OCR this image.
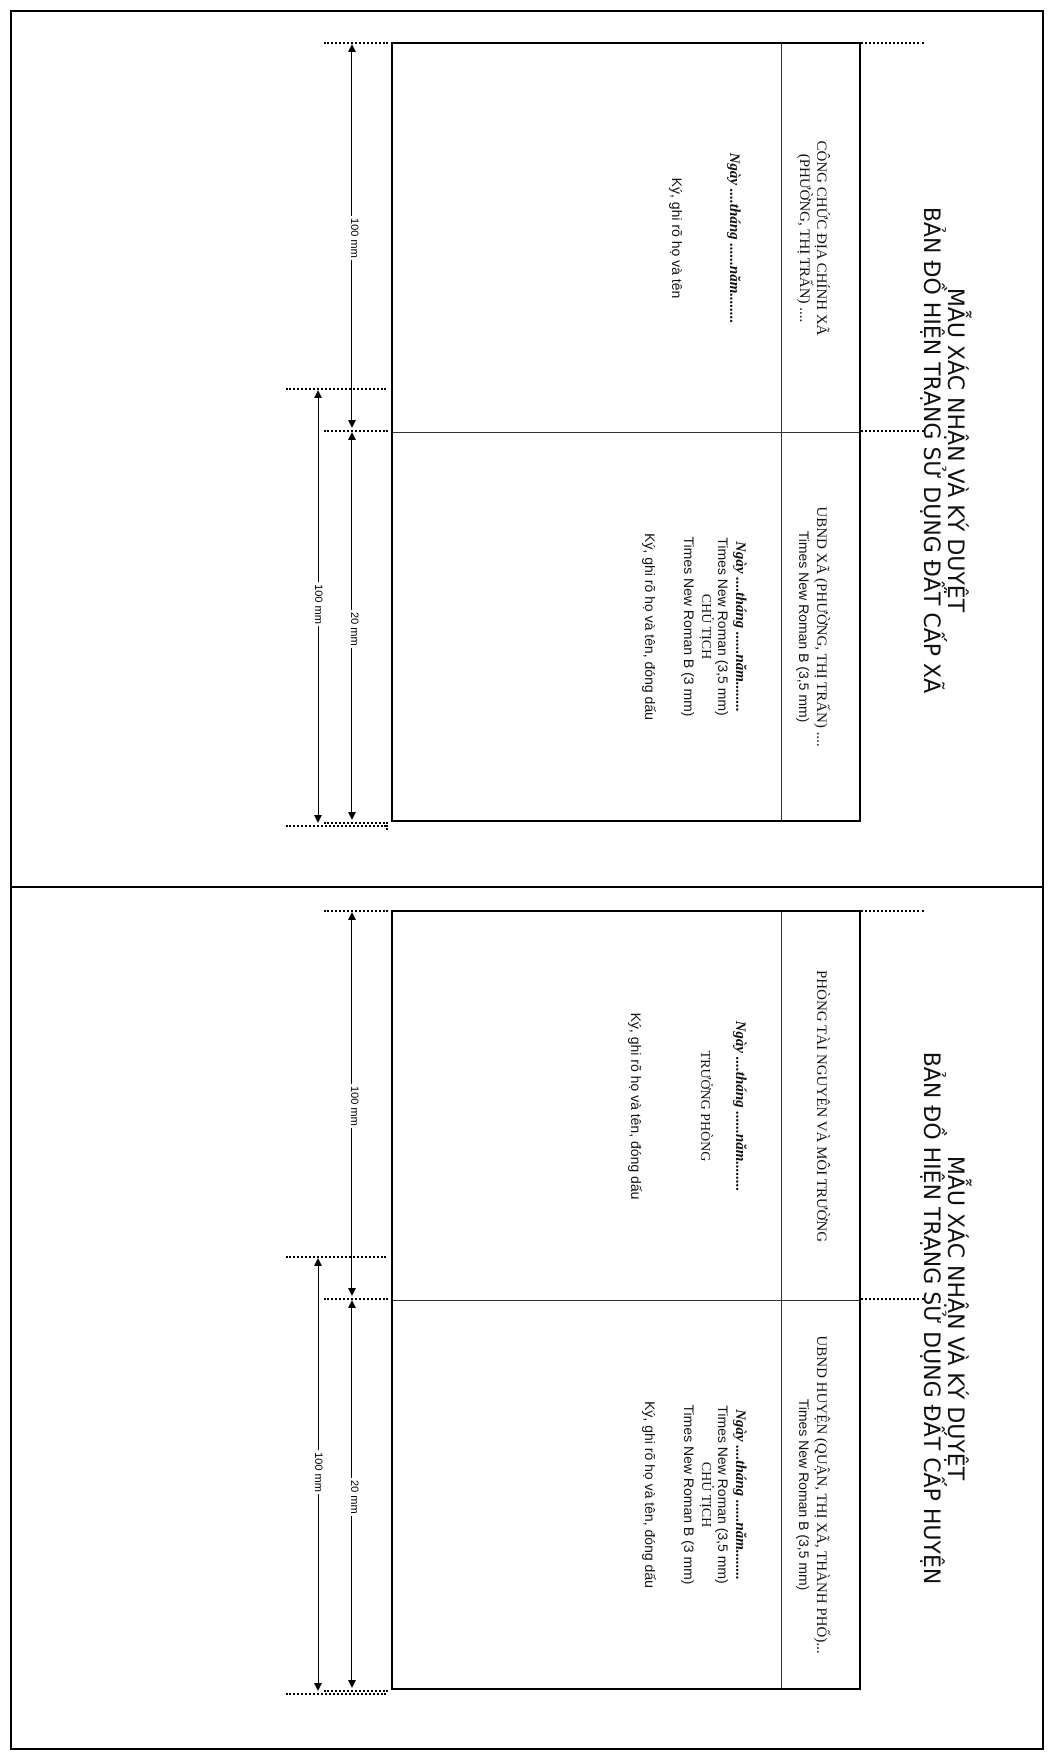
MẪU XÁC NHẬN VÀ KÝ DUYỆT
BẢN ĐỒ HIỆN TRẠNG SỬ DỤNG ĐẤT CẤP XÃ
CÔNG CHỨC ĐỊA CHÍNH XÃ
(PHƯỜNG, THỊ TRẤN) ....
Ngày ....tháng ......năm........
Ký, ghi rõ họ và tên
UBND XÃ (PHƯỜNG, THỊ TRẤN) ....
Times New Roman B (3,5 mm)
Ngày ....tháng ......năm........
Times New Roman (3,5 mm)
CHỦ TỊCH
Times New Roman B (3 mm)
Ký, ghi rõ họ và tên, đóng dấu
100 mm
20 mm
MẪU XÁC NHẬN VÀ KÝ DUYỆT
BẢN ĐỒ HIỆN TRẠNG SỬ DỤNG ĐẤT CẤP HUYỆN
PHÒNG TÀI NGUYÊN VÀ MÔI TRƯỜNG
Ngày ....tháng ......năm........
TRƯỞNG PHÒNG
Ký, ghi rõ họ và tên, đóng dấu
UBND HUYỆN (QUẬN, THỊ XÃ, THÀNH PHỐ)...
Times New Roman B (3,5 mm)
Ngày ....tháng ......năm........
Times New Roman (3,5 mm)
CHỦ TỊCH
Times New Roman B (3 mm)
Ký, ghi rõ họ và tên, đóng dấu
100 mm
20 mm
100 mm
100 mm
